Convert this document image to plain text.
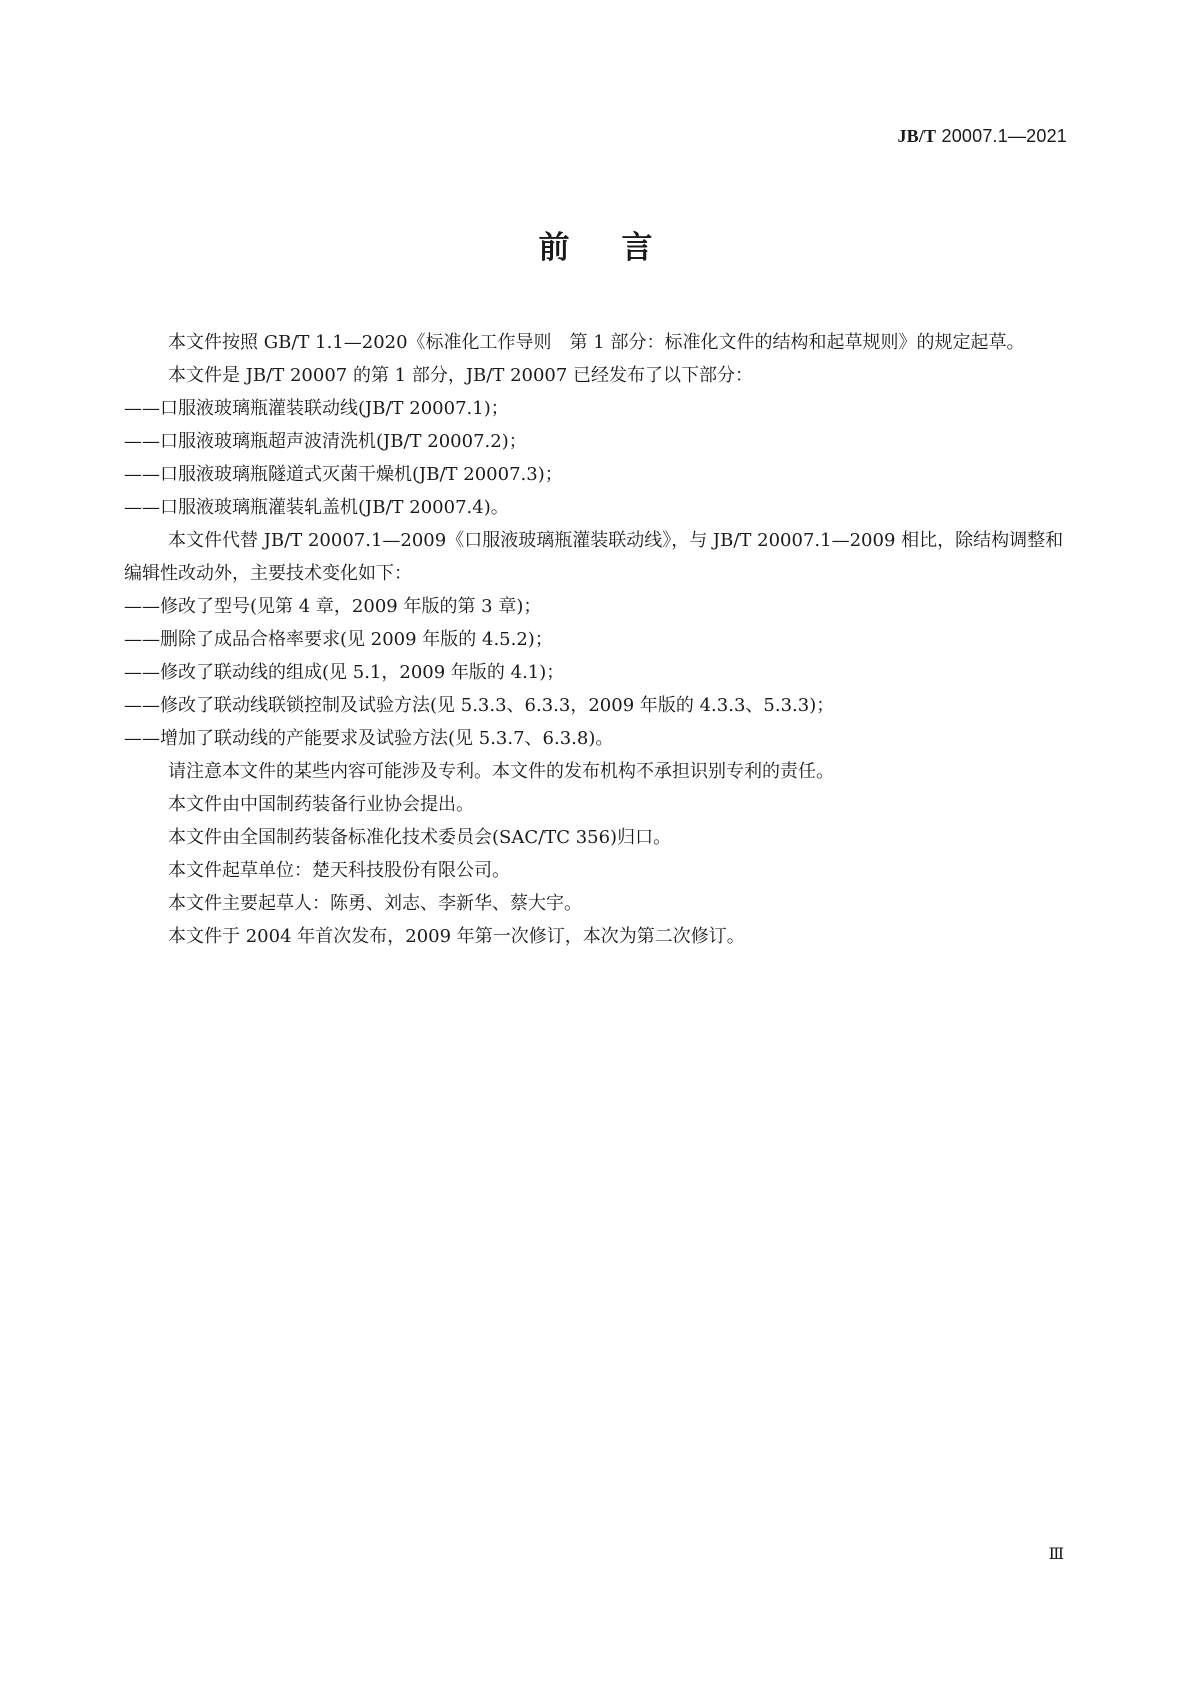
JB/T 20007.1—2021
前言

本文件按照 GB/T 1.1—2020《标准化工作导则　第 1 部分：标准化文件的结构和起草规则》的规定起草。

本文件是 JB/T 20007 的第 1 部分，JB/T 20007 已经发布了以下部分：

——口服液玻璃瓶灌装联动线(JB/T 20007.1)；

——口服液玻璃瓶超声波清洗机(JB/T 20007.2)；

——口服液玻璃瓶隧道式灭菌干燥机(JB/T 20007.3)；

——口服液玻璃瓶灌装轧盖机(JB/T 20007.4)。

本文件代替 JB/T 20007.1—2009《口服液玻璃瓶灌装联动线》，与 JB/T 20007.1—2009 相比，除结构调整和编辑性改动外，主要技术变化如下：

——修改了型号(见第 4 章，2009 年版的第 3 章)；

——删除了成品合格率要求(见 2009 年版的 4.5.2)；

——修改了联动线的组成(见 5.1，2009 年版的 4.1)；

——修改了联动线联锁控制及试验方法(见 5.3.3、6.3.3，2009 年版的 4.3.3、5.3.3)；

——增加了联动线的产能要求及试验方法(见 5.3.7、6.3.8)。

请注意本文件的某些内容可能涉及专利。本文件的发布机构不承担识别专利的责任。

本文件由中国制药装备行业协会提出。

本文件由全国制药装备标准化技术委员会(SAC/TC 356)归口。

本文件起草单位：楚天科技股份有限公司。

本文件主要起草人：陈勇、刘志、李新华、蔡大宇。

本文件于 2004 年首次发布，2009 年第一次修订，本次为第二次修订。

Ⅲ
